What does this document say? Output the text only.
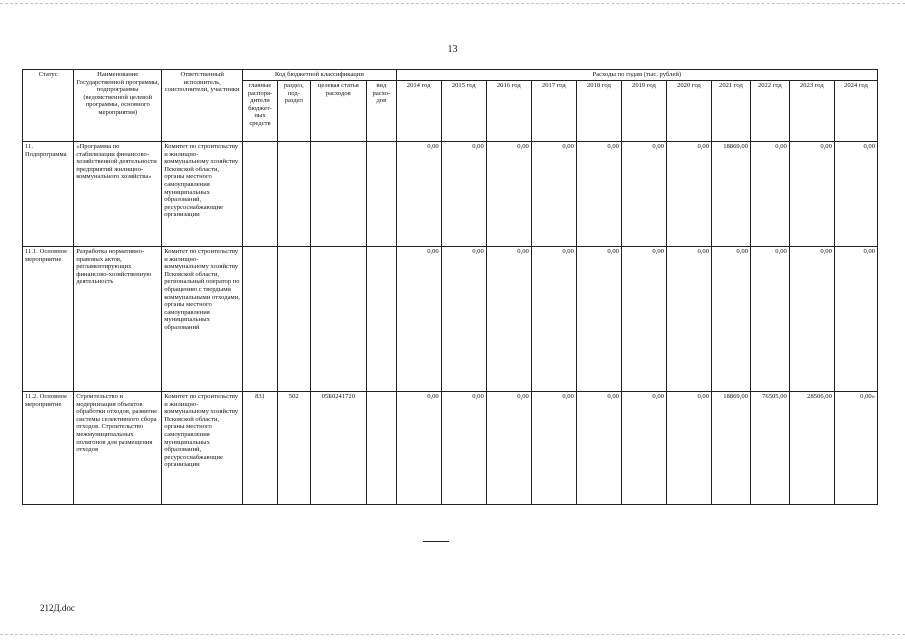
13
Статус	Наименование Государственной программы, подпрограммы (ведомственной целевой программы, основного мероприятия)	Ответственный исполнитель, соисполнители, участники	Код бюджетной классификации				Расходы по годам (тыс. рублей)										
			главные распоря-дители бюджет-ных средств	раздел, под-раздел	целевая статья расходов	вид расхо-дов	2014 год	2015 год	2016 год	2017 год	2018 год	2019 год	2020 год	2021 год	2022 год	2023 год	2024 год
11. Подпрограмма	«Программа по стабилизации финансово-хозяйственной деятельности предприятий жилищно-коммунального хозяйства»	Комитет по строительству и жилищно-коммунальному хозяйству Псковской области, органы местного самоуправления муниципальных образований, ресурсоснабжающие организации					0,00	0,00	0,00	0,00	0,00	0,00	0,00	18869,00	0,00	0,00	0,00
11.1. Основное мероприятие	Разработка нормативно-правовых актов, регламентирующих финансово-хозяйственную деятельность	Комитет по строительству и жилищно-коммунальному хозяйству Псковской области, региональный оператор по обращению с твердыми коммунальными отходами, органы местного самоуправления муниципальных образований					0,00	0,00	0,00	0,00	0,00	0,00	0,00	0,00	0,00	0,00	0,00
11.2. Основное мероприятие	Строительство и модернизация объектов обработки отходов, развитие системы селективного сбора отходов. Строительство межмуниципальных полигонов для размещения отходов	Комитет по строительству и жилищно-коммунальному хозяйству Псковской области, органы местного самоуправления муниципальных образований, ресурсоснабжающие организации	831	502	05Б0241720		0,00	0,00	0,00	0,00	0,00	0,00	0,00	18869,00	76505,00	28506,00	0,00»
212Д.doc
